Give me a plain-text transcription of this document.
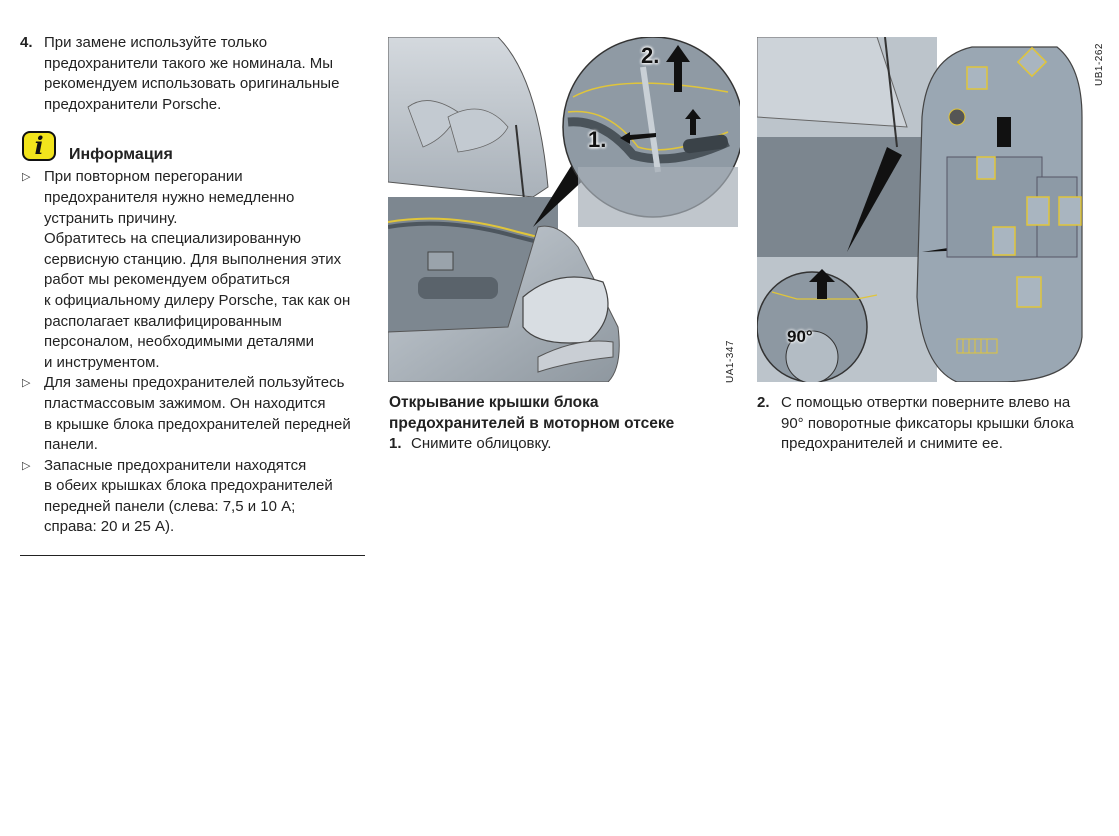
4. При замене используйте только
предохранители такого же номинала. Мы
рекомендуем использовать оригинальные
предохранители Porsche.
i Информация
▷ При повторном перегорании
предохранителя нужно немедленно
устранить причину.
Обратитесь на специализированную
сервисную станцию. Для выполнения этих
работ мы рекомендуем обратиться
к официальному дилеру Porsche, так как он
располагает квалифицированным
персоналом, необходимыми деталями
и инструментом.
▷ Для замены предохранителей пользуйтесь
пластмассовым зажимом. Он находится
в крышке блока предохранителей передней
панели.
▷ Запасные предохранители находятся
в обеих крышках блока предохранителей
передней панели (слева: 7,5 и 10 А;
справа: 20 и 25 А).
1.
2.
UA1-347
90°
UB1-262
Открывание крышки блока
предохранителей в моторном отсеке
1. Снимите облицовку.
2. С помощью отвертки поверните влево на
90° поворотные фиксаторы крышки блока
предохранителей и снимите ее.
